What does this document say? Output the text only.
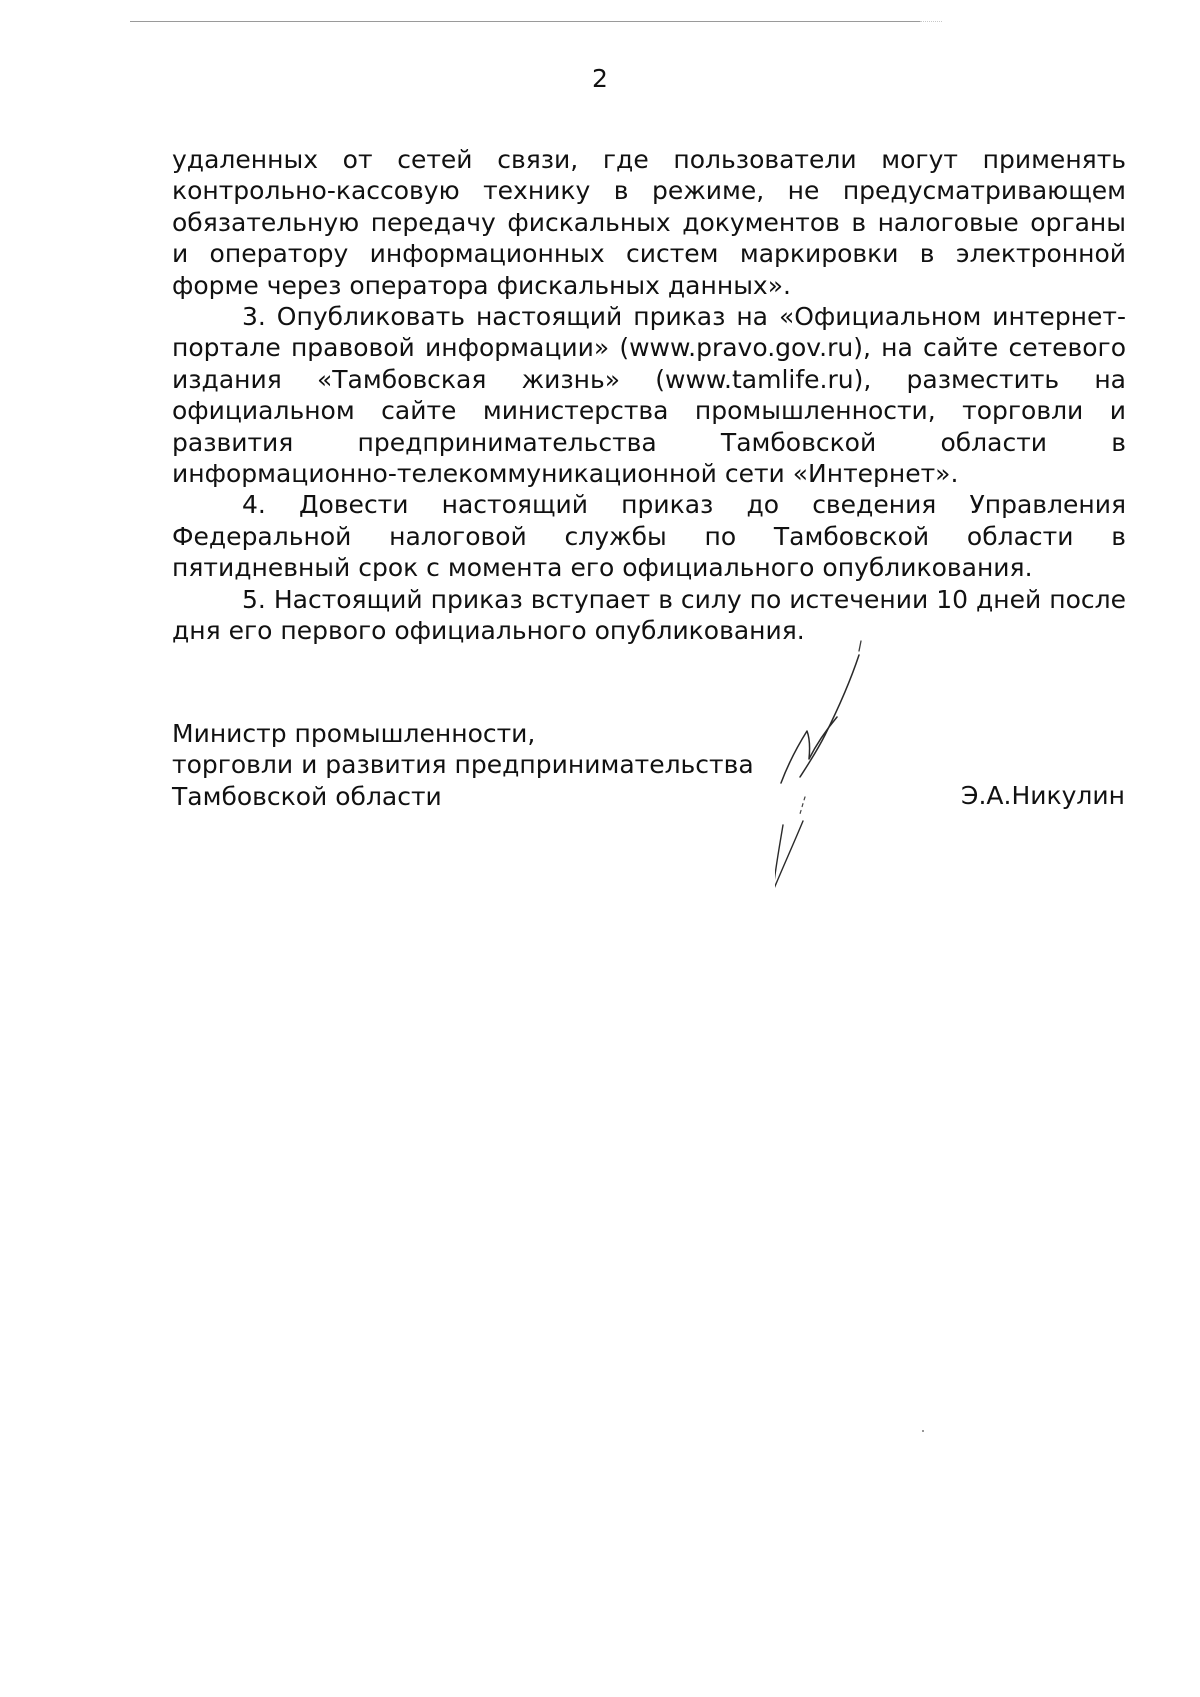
2

удаленных от сетей связи, где пользователи могут применять контрольно-кассовую технику в режиме, не предусматривающем обязательную передачу фискальных документов в налоговые органы и оператору информационных систем маркировки в электронной форме через оператора фискальных данных».

3. Опубликовать настоящий приказ на «Официальном интернет-портале правовой информации» (www.pravo.gov.ru), на сайте сетевого издания «Тамбовская жизнь» (www.tamlife.ru), разместить на официальном сайте министерства промышленности, торговли и развития предпринимательства Тамбовской области в информационно-телекоммуникационной сети «Интернет».

4. Довести настоящий приказ до сведения Управления Федеральной налоговой службы по Тамбовской области в пятидневный срок с момента его официального опубликования.

5. Настоящий приказ вступает в силу по истечении 10 дней после дня его первого официального опубликования.

Министр промышленности,
торговли и развития предпринимательства
Тамбовской области	Э.А.Никулин
